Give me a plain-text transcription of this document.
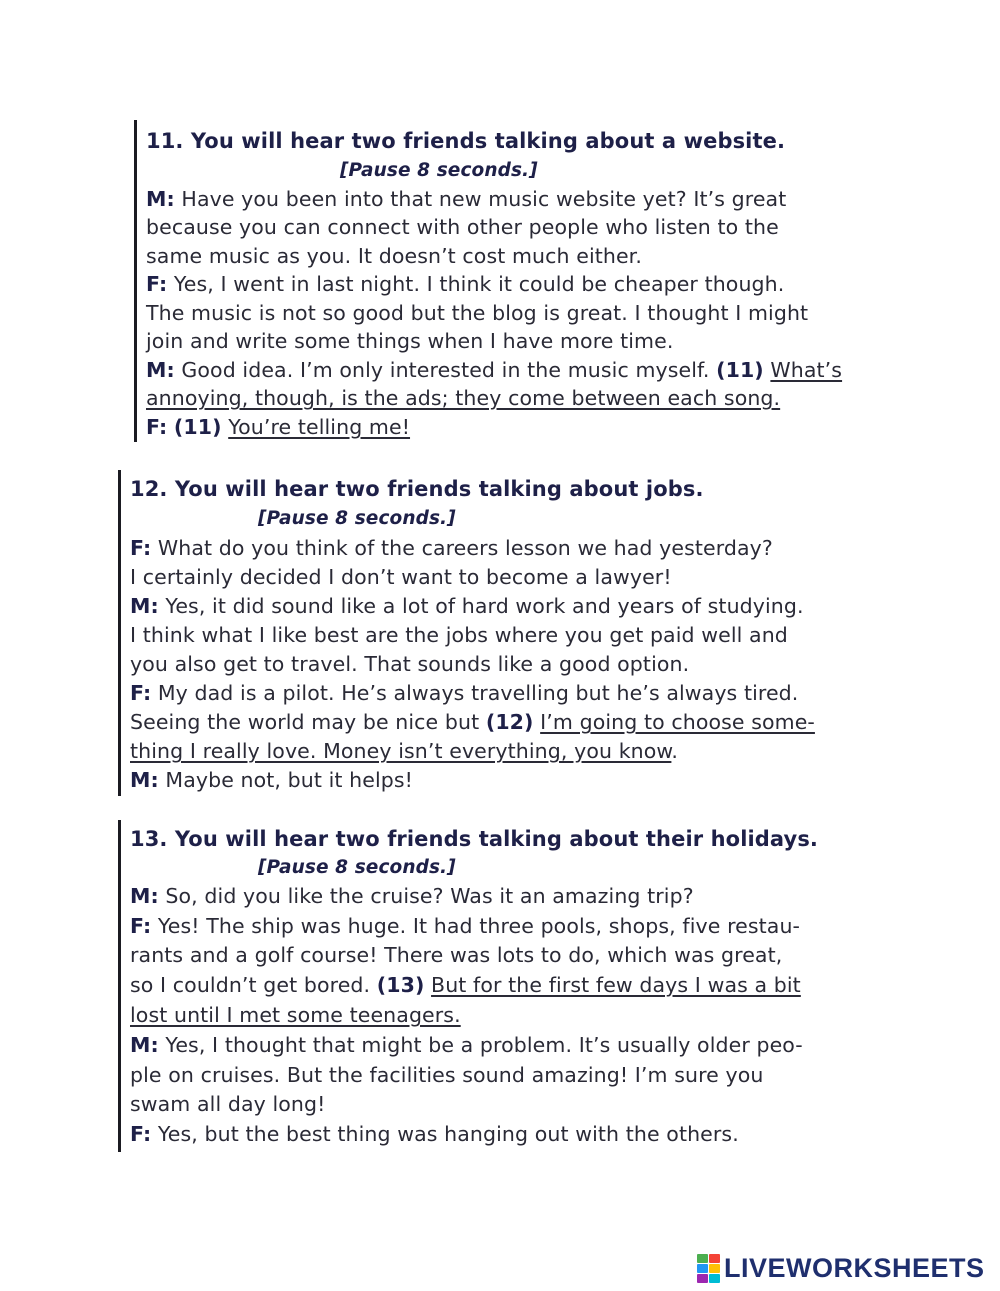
11. You will hear two friends talking about a website.
[Pause 8 seconds.]
M: Have you been into that new music website yet? It’s great
because you can connect with other people who listen to the
same music as you. It doesn’t cost much either.
F: Yes, I went in last night. I think it could be cheaper though.
The music is not so good but the blog is great. I thought I might
join and write some things when I have more time.
M: Good idea. I’m only interested in the music myself. (11) What’s
annoying, though, is the ads; they come between each song.
F: (11) You’re telling me!
12. You will hear two friends talking about jobs.
[Pause 8 seconds.]
F: What do you think of the careers lesson we had yesterday?
I certainly decided I don’t want to become a lawyer!
M: Yes, it did sound like a lot of hard work and years of studying.
I think what I like best are the jobs where you get paid well and
you also get to travel. That sounds like a good option.
F: My dad is a pilot. He’s always travelling but he’s always tired.
Seeing the world may be nice but (12) I’m going to choose some-
thing I really love. Money isn’t everything, you know.
M: Maybe not, but it helps!
13. You will hear two friends talking about their holidays.
[Pause 8 seconds.]
M: So, did you like the cruise? Was it an amazing trip?
F: Yes! The ship was huge. It had three pools, shops, five restau-
rants and a golf course! There was lots to do, which was great,
so I couldn’t get bored. (13) But for the first few days I was a bit
lost until I met some teenagers.
M: Yes, I thought that might be a problem. It’s usually older peo-
ple on cruises. But the facilities sound amazing! I’m sure you
swam all day long!
F: Yes, but the best thing was hanging out with the others.
LIVEWORKSHEETS
